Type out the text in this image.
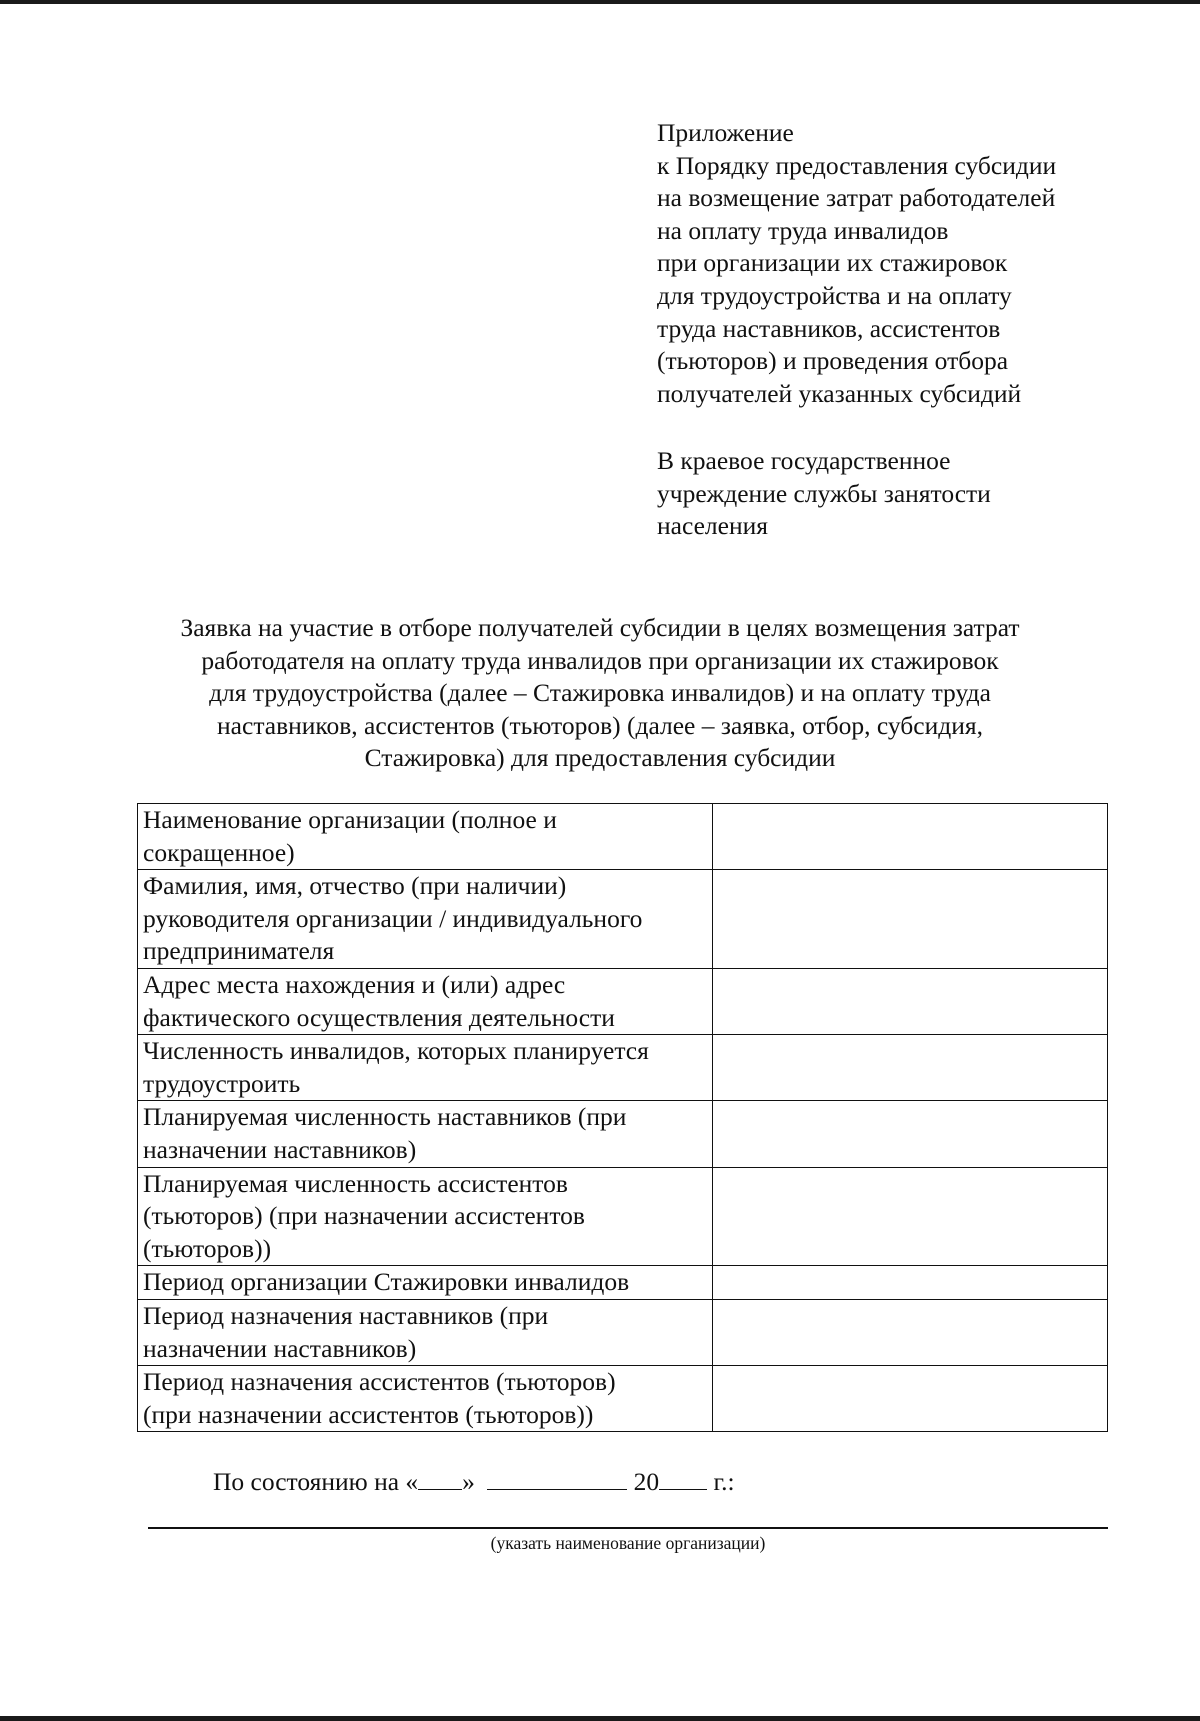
Приложение
к Порядку предоставления субсидии
на возмещение затрат работодателей
на оплату труда инвалидов
при организации их стажировок
для трудоустройства и на оплату
труда наставников, ассистентов
(тьюторов) и проведения отбора
получателей указанных субсидий
В краевое государственное
учреждение службы занятости
населения
Заявка на участие в отборе получателей субсидии в целях возмещения затрат
работодателя на оплату труда инвалидов при организации их стажировок
для трудоустройства (далее – Стажировка инвалидов) и на оплату труда
наставников, ассистентов (тьюторов) (далее – заявка, отбор, субсидия,
Стажировка) для предоставления субсидии
Наименование организации (полное и
сокращенное)	

Фамилия, имя, отчество (при наличии)
руководителя организации / индивидуального
предпринимателя	

Адрес места нахождения и (или) адрес
фактического осуществления деятельности	

Численность инвалидов, которых планируется
трудоустроить	

Планируемая численность наставников (при
назначении наставников)	

Планируемая численность ассистентов
(тьюторов) (при назначении ассистентов
(тьюторов))	

Период организации Стажировки инвалидов	

Период назначения наставников (при
назначении наставников)	

Период назначения ассистентов (тьюторов)
(при назначении ассистентов (тьюторов))	

По состоянию на « »	20 г.:
(указать наименование организации)
